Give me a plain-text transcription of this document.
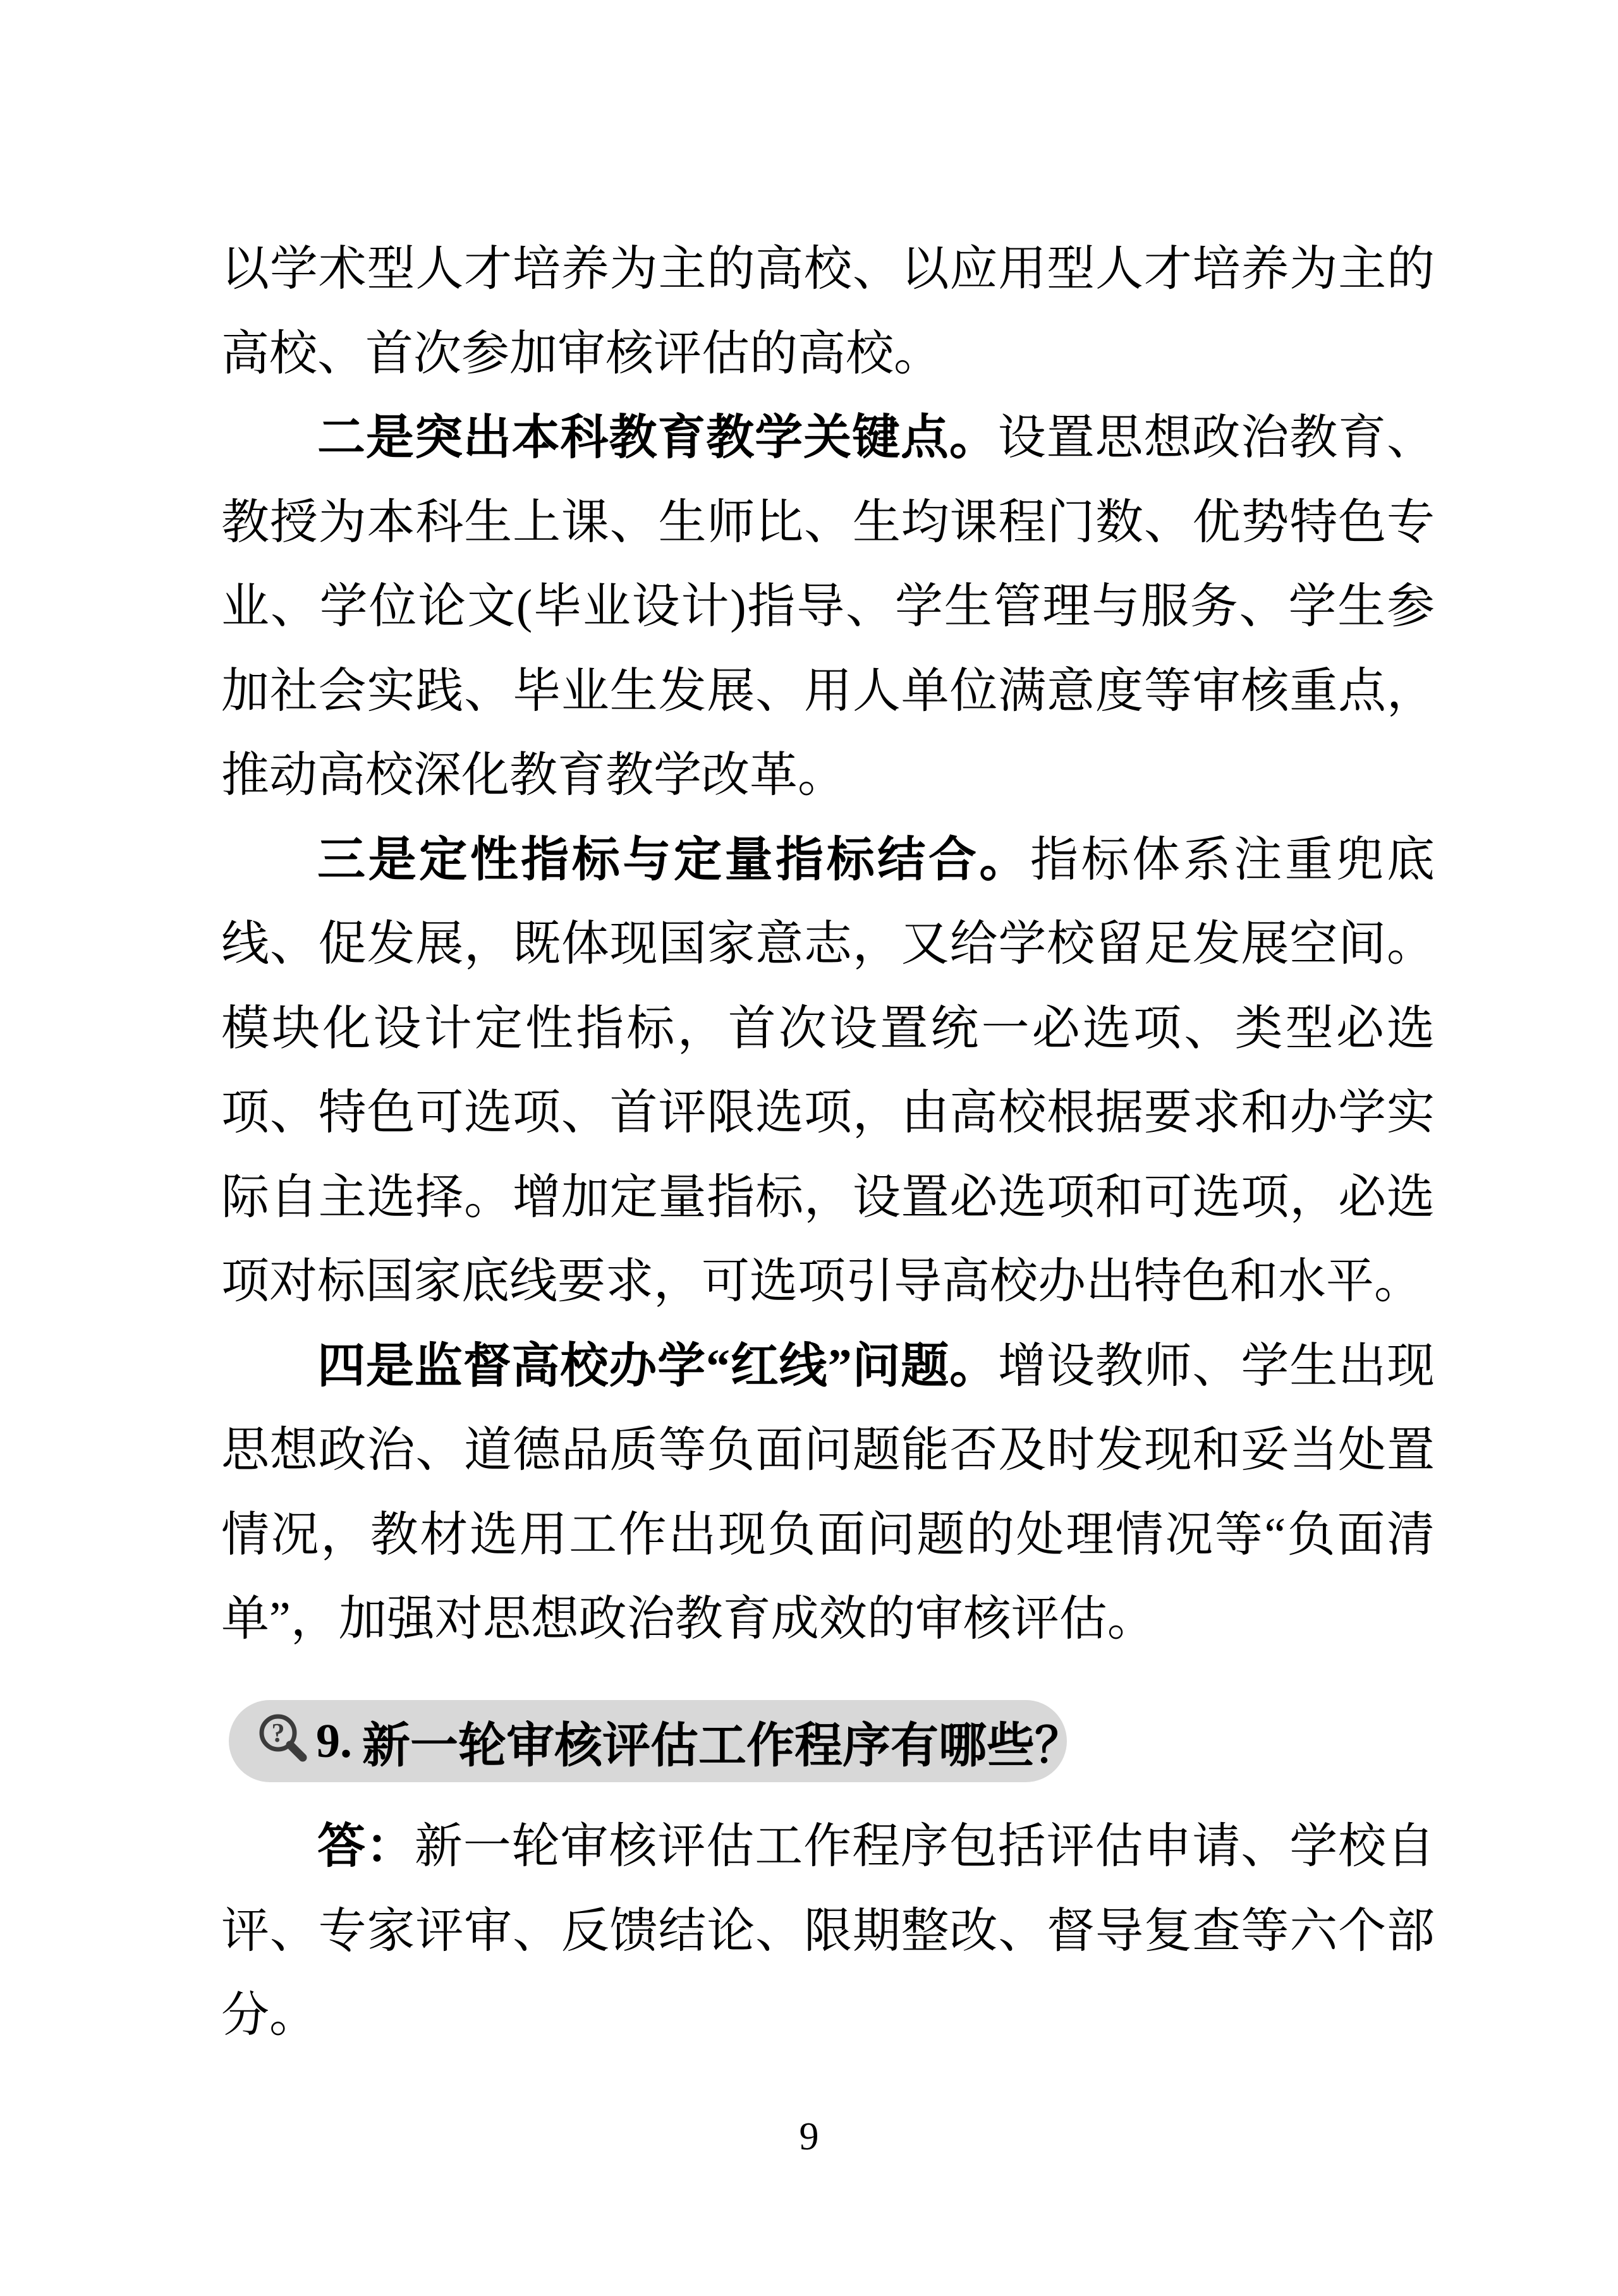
以学术型人才培养为主的高校、以应用型人才培养为主的高校、首次参加审核评估的高校。

二是突出本科教育教学关键点。设置思想政治教育、教授为本科生上课、生师比、生均课程门数、优势特色专业、学位论文(毕业设计)指导、学生管理与服务、学生参加社会实践、毕业生发展、用人单位满意度等审核重点，推动高校深化教育教学改革。

三是定性指标与定量指标结合。指标体系注重兜底线、促发展，既体现国家意志，又给学校留足发展空间。模块化设计定性指标，首次设置统一必选项、类型必选项、特色可选项、首评限选项，由高校根据要求和办学实际自主选择。增加定量指标，设置必选项和可选项，必选项对标国家底线要求，可选项引导高校办出特色和水平。

四是监督高校办学“红线”问题。增设教师、学生出现思想政治、道德品质等负面问题能否及时发现和妥当处置情况，教材选用工作出现负面问题的处理情况等“负面清单”，加强对思想政治教育成效的审核评估。

? 9. 新一轮审核评估工作程序有哪些？

答：新一轮审核评估工作程序包括评估申请、学校自评、专家评审、反馈结论、限期整改、督导复查等六个部分。

9
